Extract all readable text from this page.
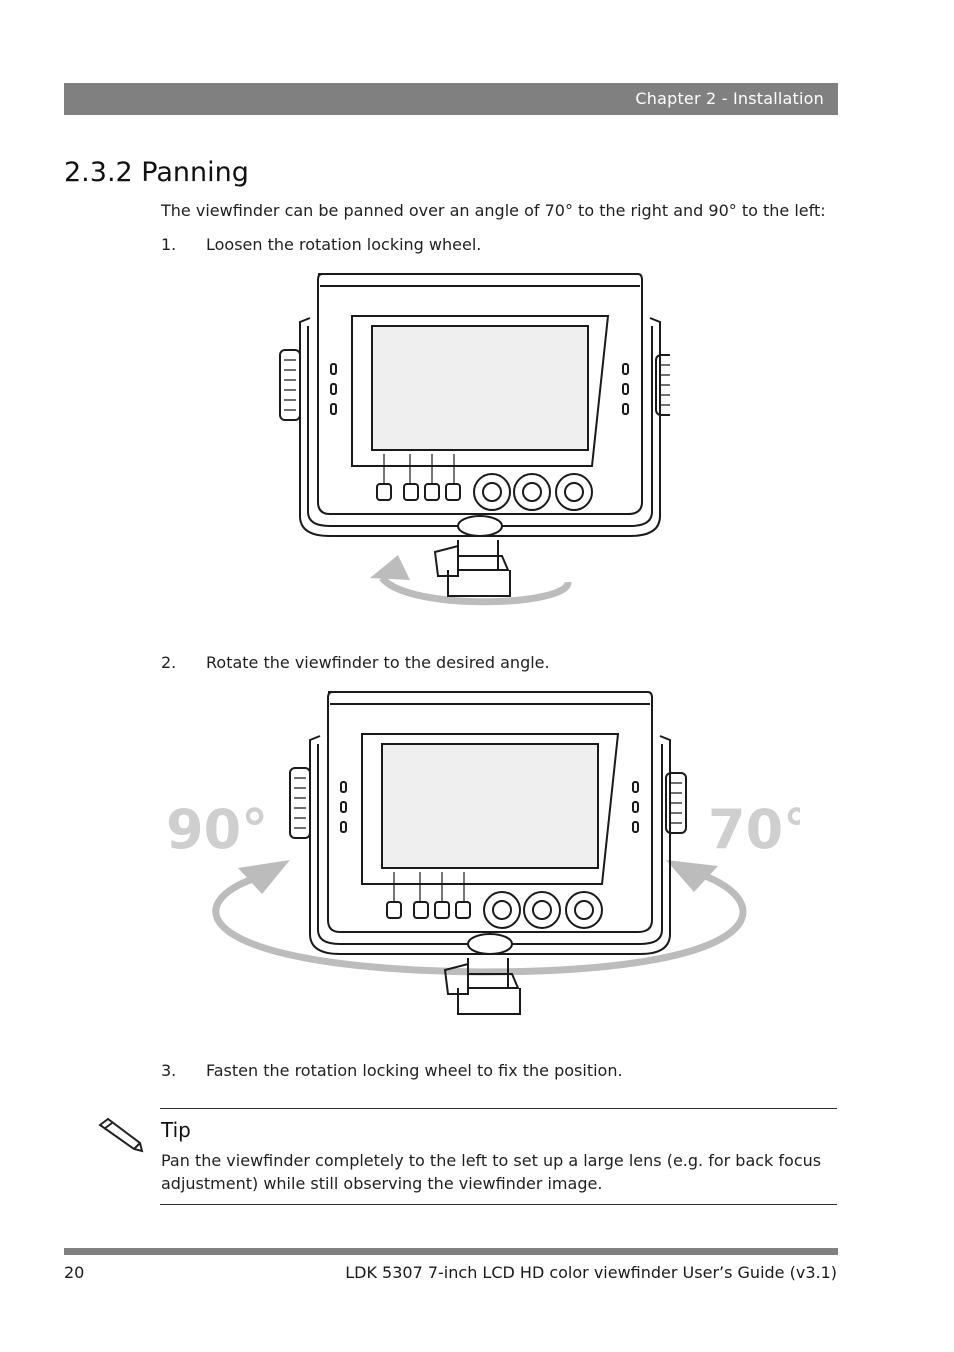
Chapter 2 - Installation
2.3.2 Panning
The viewfinder can be panned over an angle of 70° to the right and 90° to the left:
1. Loosen the rotation locking wheel.
2. Rotate the viewfinder to the desired angle.
90°	70°
3. Fasten the rotation locking wheel to fix the position.
Tip
Pan the viewfinder completely to the left to set up a large lens (e.g. for back focus adjustment) while still observing the viewfinder image.
20	LDK 5307 7-inch LCD HD color viewfinder User’s Guide (v3.1)
